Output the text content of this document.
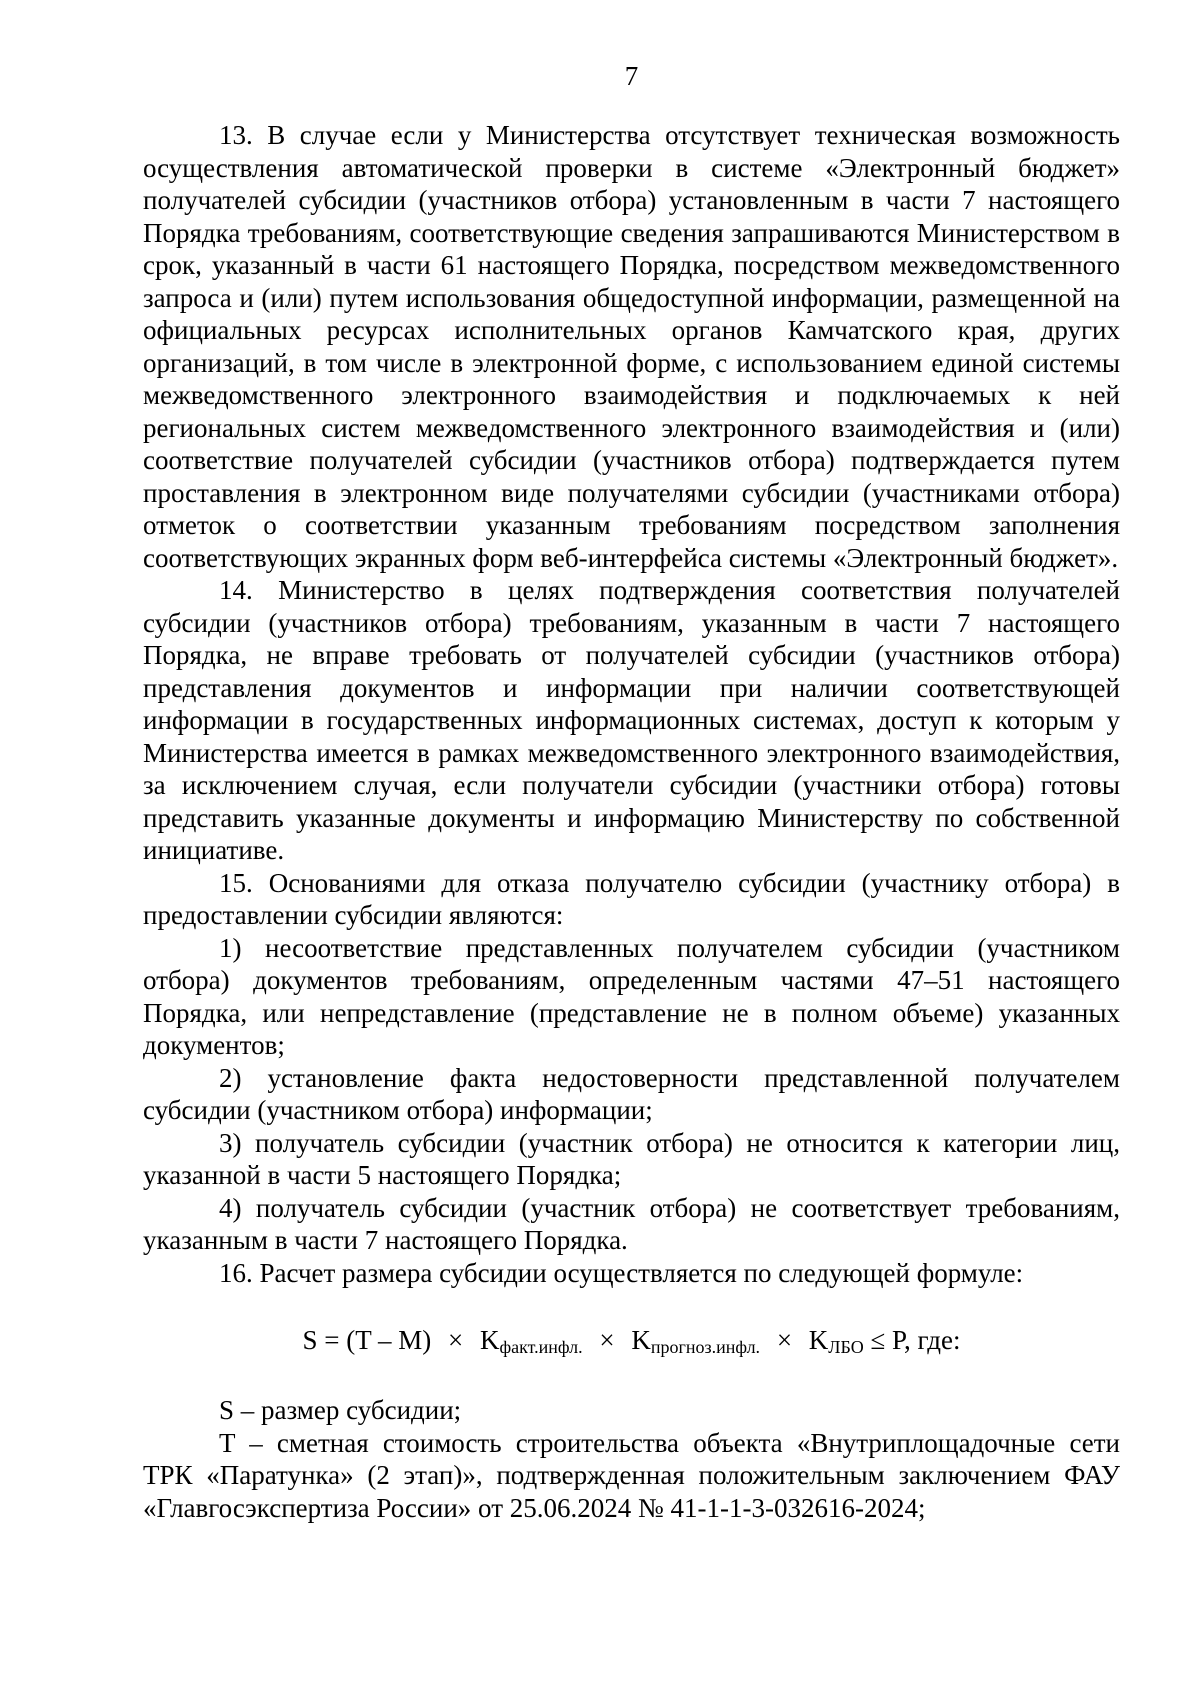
7

13. В случае если у Министерства отсутствует техническая возможность осуществления автоматической проверки в системе «Электронный бюджет» получателей субсидии (участников отбора) установленным в части 7 настоящего Порядка требованиям, соответствующие сведения запрашиваются Министерством в срок, указанный в части 61 настоящего Порядка, посредством межведомственного запроса и (или) путем использования общедоступной информации, размещенной на официальных ресурсах исполнительных органов Камчатского края, других организаций, в том числе в электронной форме, с использованием единой системы межведомственного электронного взаимодействия и подключаемых к ней региональных систем межведомственного электронного взаимодействия и (или) соответствие получателей субсидии (участников отбора) подтверждается путем проставления в электронном виде получателями субсидии (участниками отбора) отметок о соответствии указанным требованиям посредством заполнения соответствующих экранных форм веб-интерфейса системы «Электронный бюджет».

14. Министерство в целях подтверждения соответствия получателей субсидии (участников отбора) требованиям, указанным в части 7 настоящего Порядка, не вправе требовать от получателей субсидии (участников отбора) представления документов и информации при наличии соответствующей информации в государственных информационных системах, доступ к которым у Министерства имеется в рамках межведомственного электронного взаимодействия, за исключением случая, если получатели субсидии (участники отбора) готовы представить указанные документы и информацию Министерству по собственной инициативе.

15. Основаниями для отказа получателю субсидии (участнику отбора) в предоставлении субсидии являются:

1) несоответствие представленных получателем субсидии (участником отбора) документов требованиям, определенным частями 47–51 настоящего Порядка, или непредставление (представление не в полном объеме) указанных документов;

2) установление факта недостоверности представленной получателем субсидии (участником отбора) информации;

3) получатель субсидии (участник отбора) не относится к категории лиц, указанной в части 5 настоящего Порядка;

4) получатель субсидии (участник отбора) не соответствует требованиям, указанным в части 7 настоящего Порядка.

16. Расчет размера субсидии осуществляется по следующей формуле:

$S = (T - M) \times K_{факт.инфл.} \times K_{прогноз.инфл.} \times K_{ЛБО} \le P$, где:

S – размер субсидии;

T – сметная стоимость строительства объекта «Внутриплощадочные сети ТРК «Паратунка» (2 этап)», подтвержденная положительным заключением ФАУ «Главгосэкспертиза России» от 25.06.2024 № 41-1-1-3-032616-2024;
